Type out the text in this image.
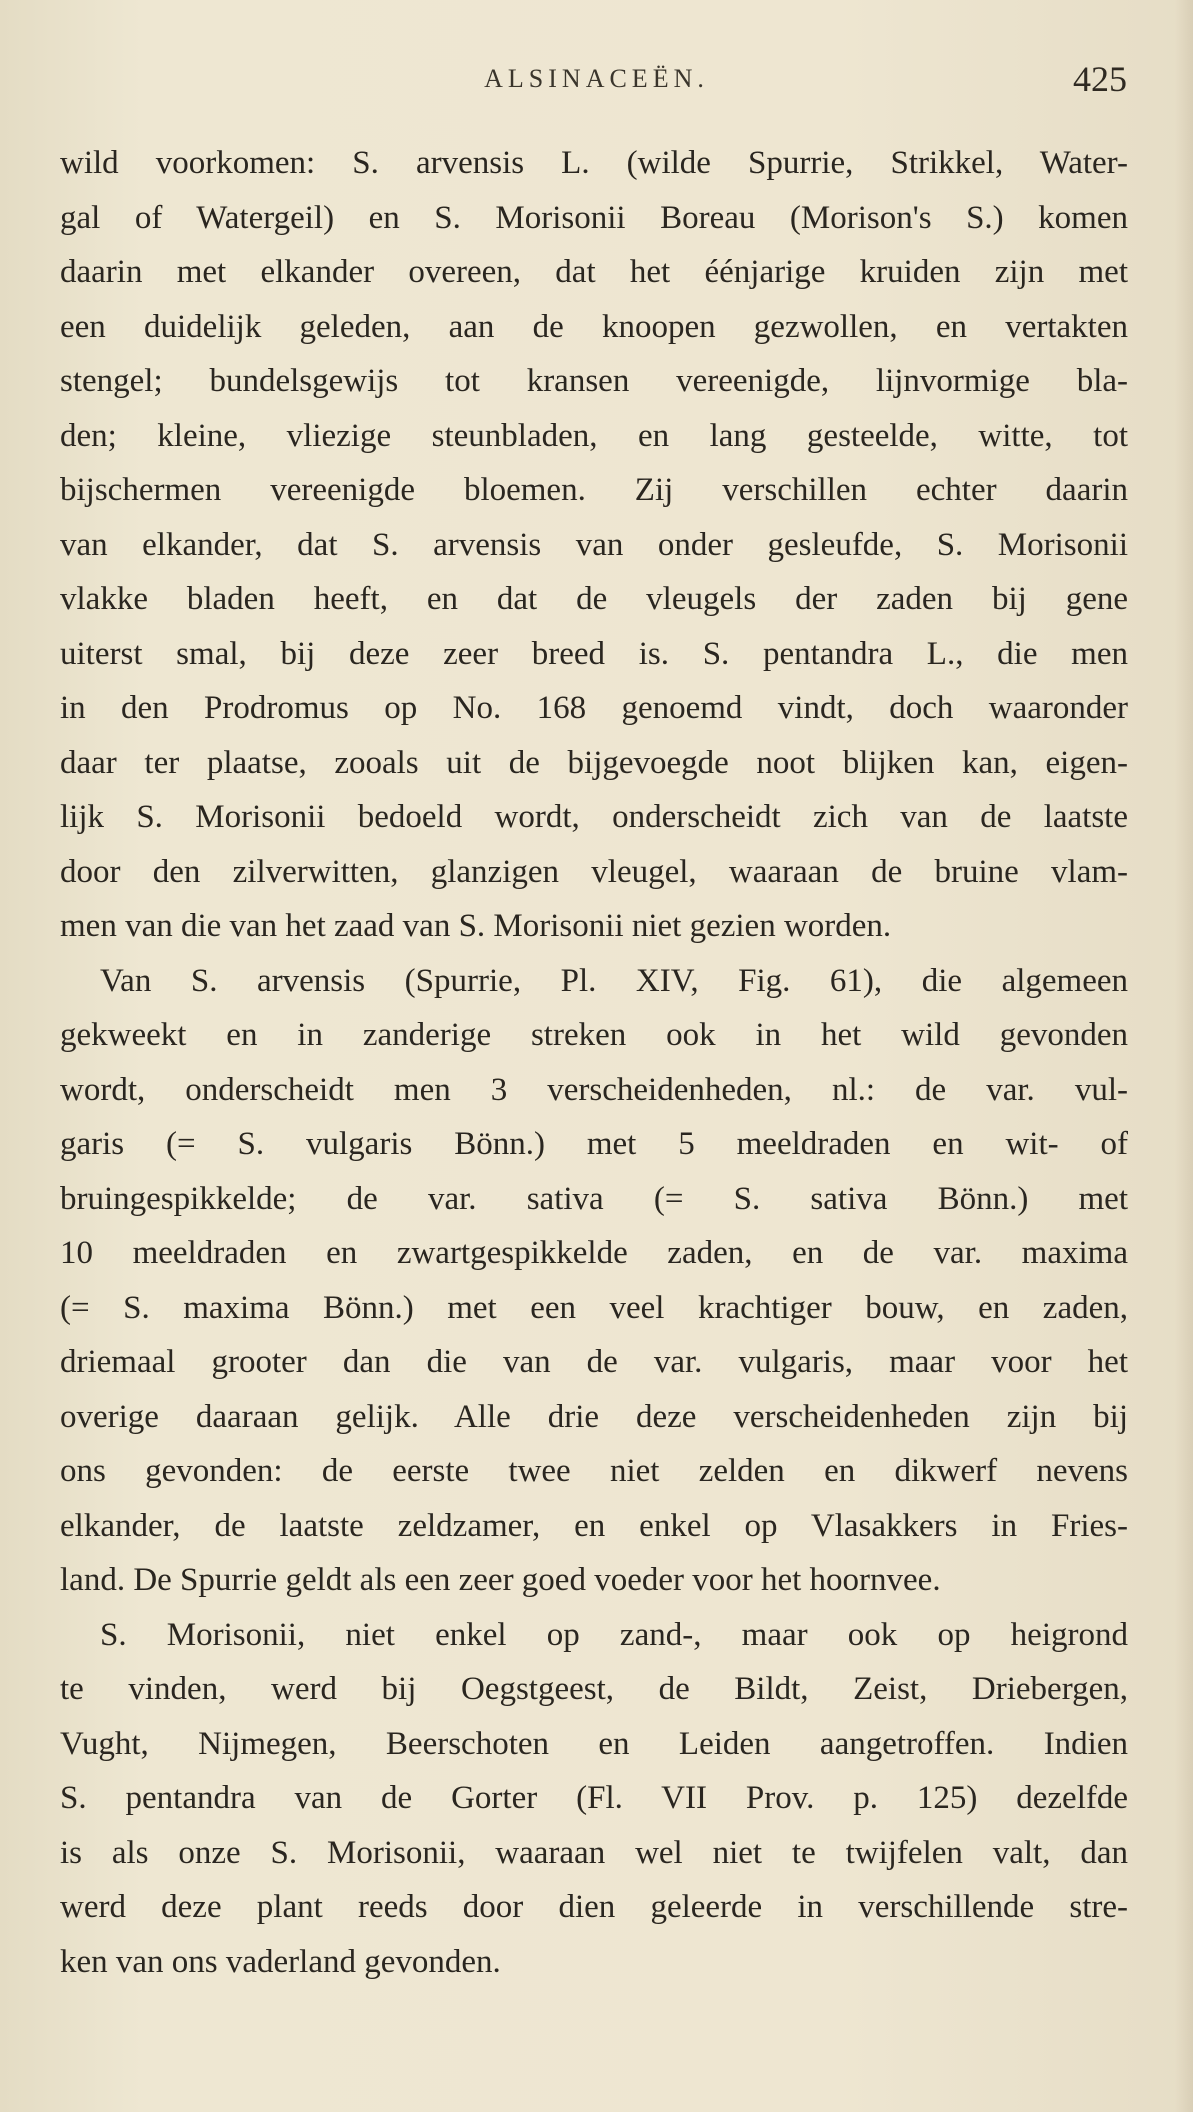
ALSINACEËN.	425
wild voorkomen: S. arvensis L. (wilde Spurrie, Strikkel, Water-
gal of Watergeil) en S. Morisonii Boreau (Morison's S.) komen
daarin met elkander overeen, dat het éénjarige kruiden zijn met
een duidelijk geleden, aan de knoopen gezwollen, en vertakten
stengel; bundelsgewijs tot kransen vereenigde, lijnvormige bla-
den; kleine, vliezige steunbladen, en lang gesteelde, witte, tot
bijschermen vereenigde bloemen. Zij verschillen echter daarin
van elkander, dat S. arvensis van onder gesleufde, S. Morisonii
vlakke bladen heeft, en dat de vleugels der zaden bij gene
uiterst smal, bij deze zeer breed is. S. pentandra L., die men
in den Prodromus op No. 168 genoemd vindt, doch waaronder
daar ter plaatse, zooals uit de bijgevoegde noot blijken kan, eigen-
lijk S. Morisonii bedoeld wordt, onderscheidt zich van de laatste
door den zilverwitten, glanzigen vleugel, waaraan de bruine vlam-
men van die van het zaad van S. Morisonii niet gezien worden.
Van S. arvensis (Spurrie, Pl. XIV, Fig. 61), die algemeen
gekweekt en in zanderige streken ook in het wild gevonden
wordt, onderscheidt men 3 verscheidenheden, nl.: de var. vul-
garis (= S. vulgaris Bönn.) met 5 meeldraden en wit- of
bruingespikkelde; de var. sativa (= S. sativa Bönn.) met
10 meeldraden en zwartgespikkelde zaden, en de var. maxima
(= S. maxima Bönn.) met een veel krachtiger bouw, en zaden,
driemaal grooter dan die van de var. vulgaris, maar voor het
overige daaraan gelijk. Alle drie deze verscheidenheden zijn bij
ons gevonden: de eerste twee niet zelden en dikwerf nevens
elkander, de laatste zeldzamer, en enkel op Vlasakkers in Fries-
land. De Spurrie geldt als een zeer goed voeder voor het hoornvee.
S. Morisonii, niet enkel op zand-, maar ook op heigrond
te vinden, werd bij Oegstgeest, de Bildt, Zeist, Driebergen,
Vught, Nijmegen, Beerschoten en Leiden aangetroffen. Indien
S. pentandra van de Gorter (Fl. VII Prov. p. 125) dezelfde
is als onze S. Morisonii, waaraan wel niet te twijfelen valt, dan
werd deze plant reeds door dien geleerde in verschillende stre-
ken van ons vaderland gevonden.
